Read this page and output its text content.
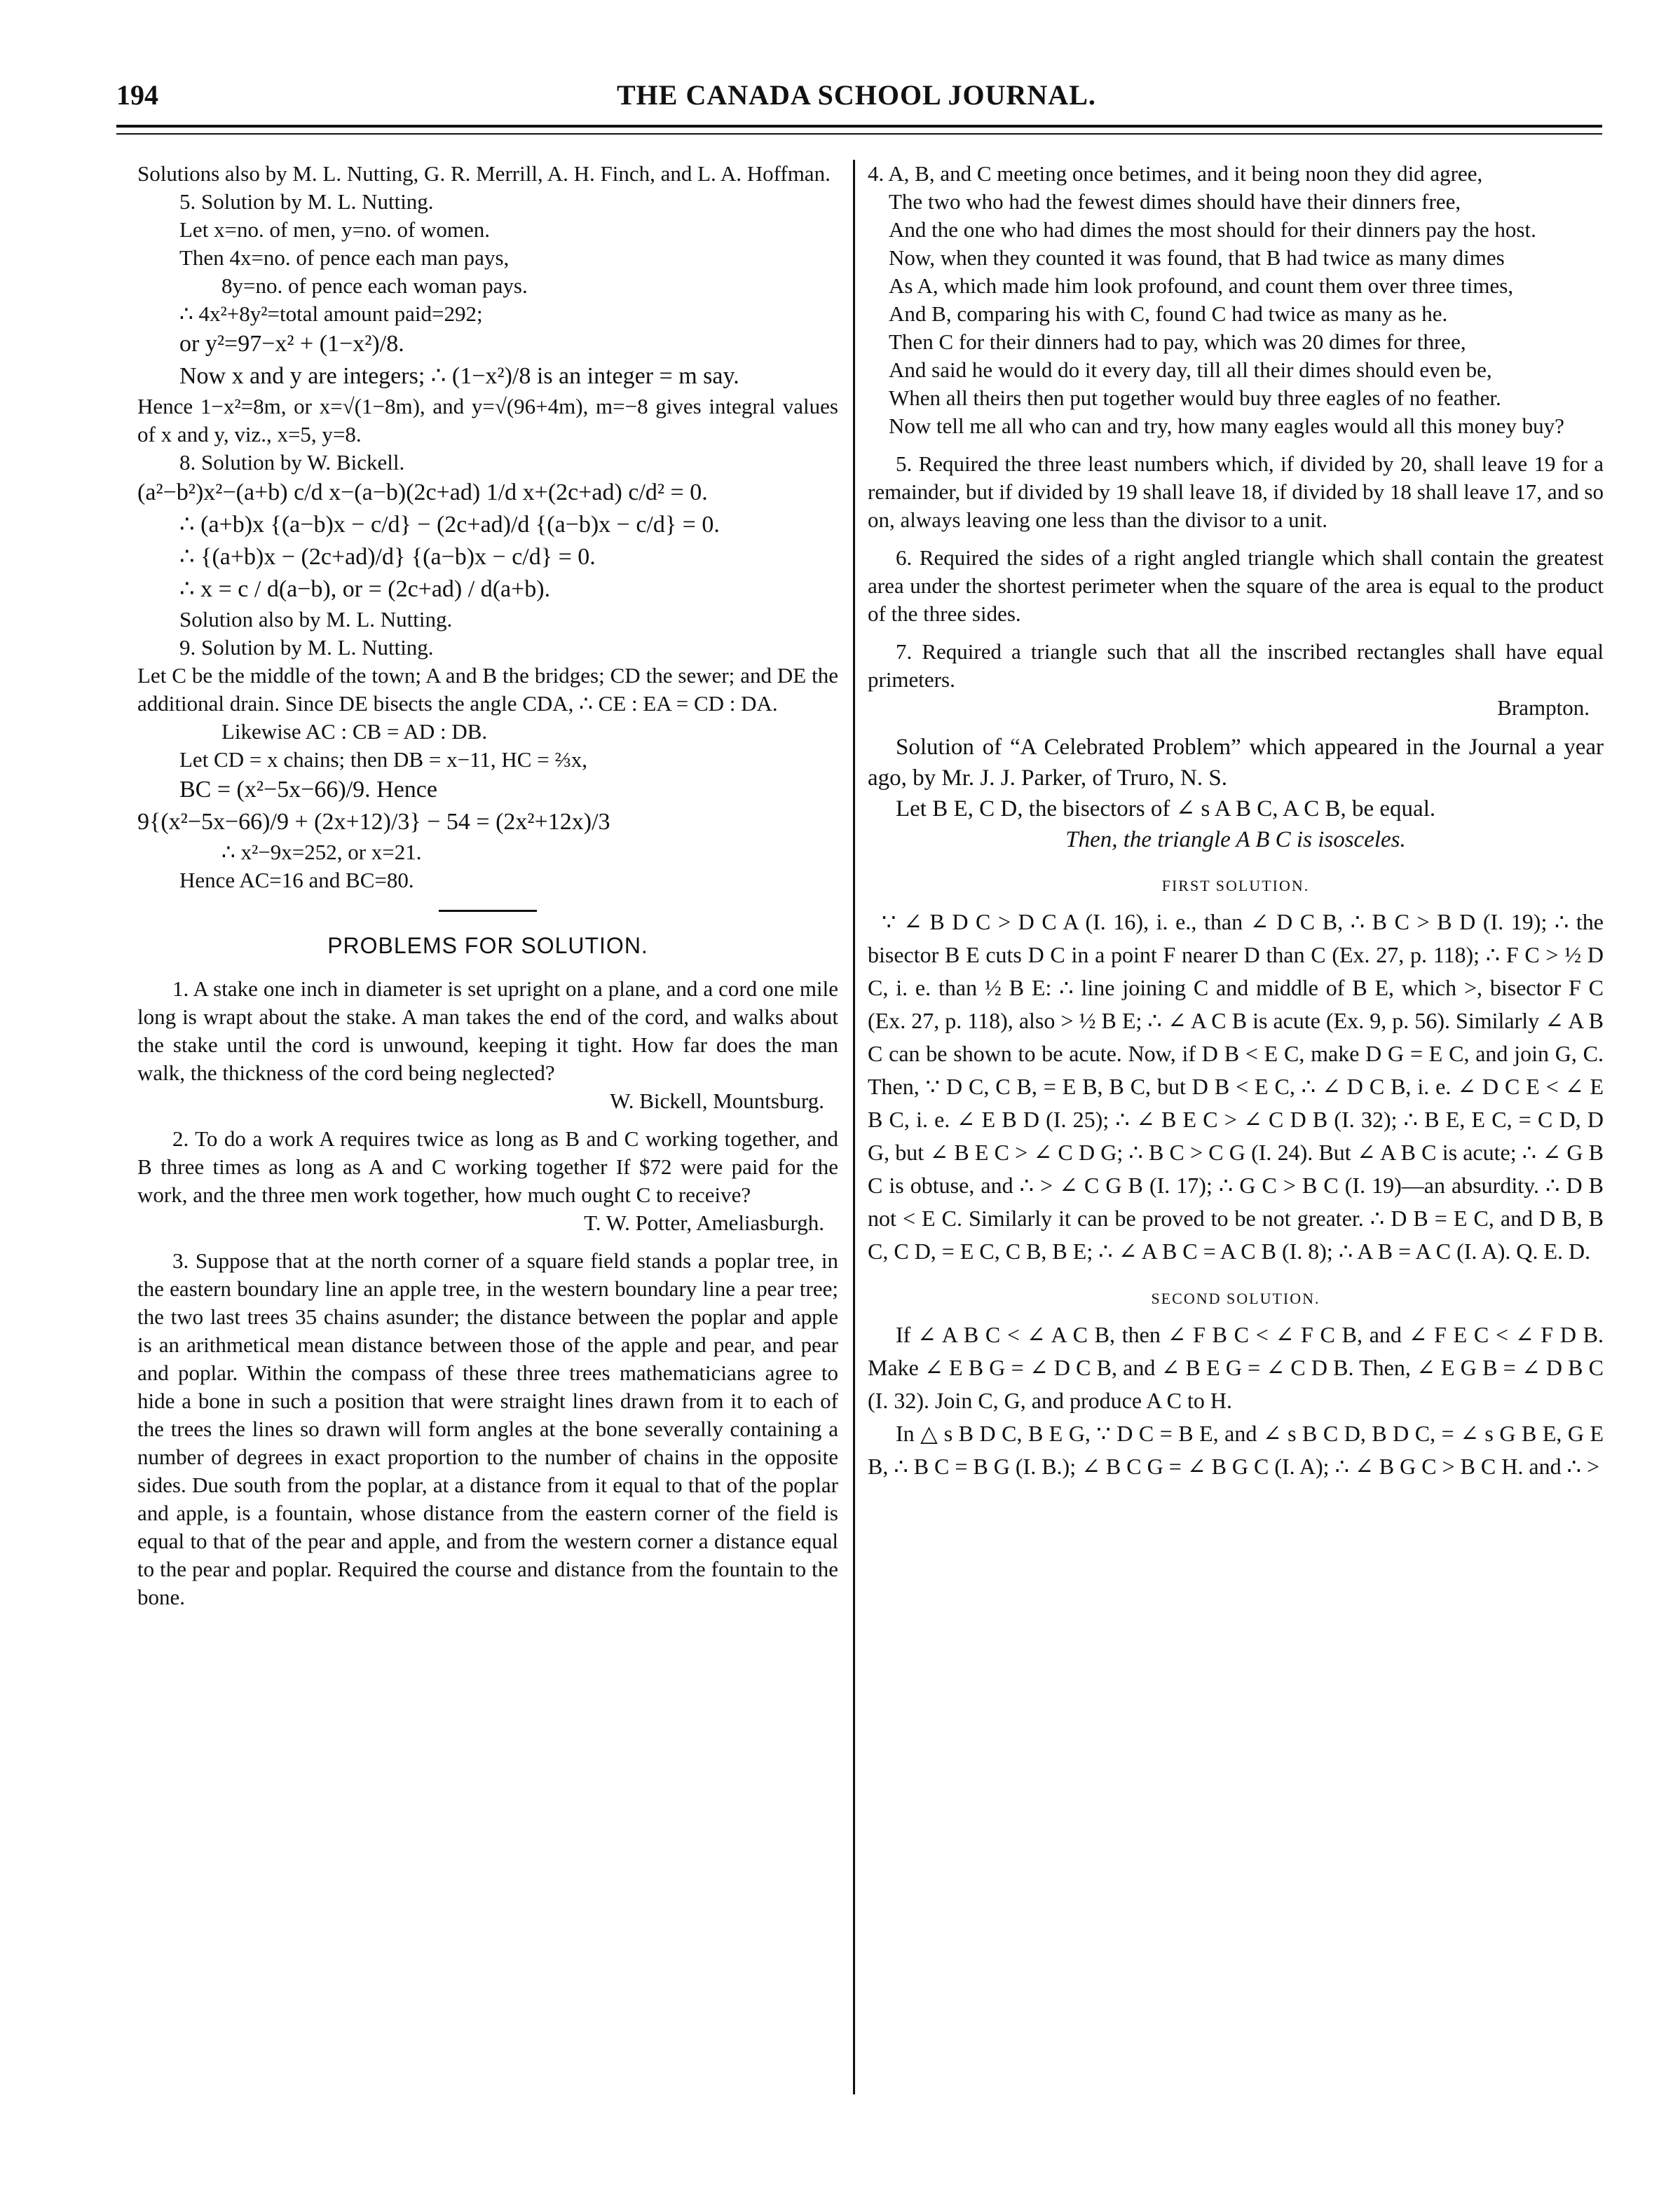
194	THE CANADA SCHOOL JOURNAL.

Solutions also by M. L. Nutting, G. R. Merrill, A. H. Finch, and L. A. Hoffman.

5. Solution by M. L. Nutting.

Let x=no. of men, y=no. of women.

Then 4x=no. of pence each man pays,

8y=no. of pence each woman pays.

∴ 4x²+8y²=total amount paid=292;

or y²=97−x² + (1−x²)/8.

Now x and y are integers; ∴ (1−x²)/8 is an integer = m say.

Hence 1−x²=8m, or x=√(1−8m), and y=√(96+4m), m=−8 gives integral values of x and y, viz., x=5, y=8.

8. Solution by W. Bickell.

(a²−b²)x²−(a+b) c/d x−(a−b)(2c+ad) 1/d x+(2c+ad) c/d² = 0.

∴ (a+b)x {(a−b)x − c/d} − (2c+ad)/d {(a−b)x − c/d} = 0.

∴ {(a+b)x − (2c+ad)/d} {(a−b)x − c/d} = 0.

∴ x = c / d(a−b), or = (2c+ad) / d(a+b).

Solution also by M. L. Nutting.

9. Solution by M. L. Nutting.

Let C be the middle of the town; A and B the bridges; CD the sewer; and DE the additional drain. Since DE bisects the angle CDA, ∴ CE : EA = CD : DA.

Likewise AC : CB = AD : DB.

Let CD = x chains; then DB = x−11, HC = ⅔x,

BC = (x²−5x−66)/9. Hence

9{(x²−5x−66)/9 + (2x+12)/3} − 54 = (2x²+12x)/3

∴ x²−9x=252, or x=21.

Hence AC=16 and BC=80.

PROBLEMS FOR SOLUTION.

1. A stake one inch in diameter is set upright on a plane, and a cord one mile long is wrapt about the stake. A man takes the end of the cord, and walks about the stake until the cord is unwound, keeping it tight. How far does the man walk, the thickness of the cord being neglected?

W. Bickell, Mountsburg.

2. To do a work A requires twice as long as B and C working together, and B three times as long as A and C working together If $72 were paid for the work, and the three men work together, how much ought C to receive?

T. W. Potter, Ameliasburgh.

3. Suppose that at the north corner of a square field stands a poplar tree, in the eastern boundary line an apple tree, in the western boundary line a pear tree; the two last trees 35 chains asunder; the distance between the poplar and apple is an arithmetical mean distance between those of the apple and pear, and pear and poplar. Within the compass of these three trees mathematicians agree to hide a bone in such a position that were straight lines drawn from it to each of the trees the lines so drawn will form angles at the bone severally containing a number of degrees in exact proportion to the number of chains in the opposite sides. Due south from the poplar, at a distance from it equal to that of the poplar and apple, is a fountain, whose distance from the eastern corner of the field is equal to that of the pear and apple, and from the western corner a distance equal to the pear and poplar. Required the course and distance from the fountain to the bone.

4. A, B, and C meeting once betimes, and it being noon they did agree,

The two who had the fewest dimes should have their dinners free,

And the one who had dimes the most should for their dinners pay the host.

Now, when they counted it was found, that B had twice as many dimes

As A, which made him look profound, and count them over three times,

And B, comparing his with C, found C had twice as many as he.

Then C for their dinners had to pay, which was 20 dimes for three,

And said he would do it every day, till all their dimes should even be,

When all theirs then put together would buy three eagles of no feather.

Now tell me all who can and try, how many eagles would all this money buy?

5. Required the three least numbers which, if divided by 20, shall leave 19 for a remainder, but if divided by 19 shall leave 18, if divided by 18 shall leave 17, and so on, always leaving one less than the divisor to a unit.

6. Required the sides of a right angled triangle which shall contain the greatest area under the shortest perimeter when the square of the area is equal to the product of the three sides.

7. Required a triangle such that all the inscribed rectangles shall have equal primeters.

Brampton.

Solution of “A Celebrated Problem” which appeared in the Journal a year ago, by Mr. J. J. Parker, of Truro, N. S.

Let B E, C D, the bisectors of ∠ s A B C, A C B, be equal.

Then, the triangle A B C is isosceles.

FIRST SOLUTION.

∵ ∠ B D C > D C A (I. 16), i. e., than ∠ D C B, ∴ B C > B D (I. 19); ∴ the bisector B E cuts D C in a point F nearer D than C (Ex. 27, p. 118); ∴ F C > ½ D C, i. e. than ½ B E: ∴ line joining C and middle of B E, which >, bisector F C (Ex. 27, p. 118), also > ½ B E; ∴ ∠ A C B is acute (Ex. 9, p. 56). Similarly ∠ A B C can be shown to be acute. Now, if D B < E C, make D G = E C, and join G, C. Then, ∵ D C, C B, = E B, B C, but D B < E C, ∴ ∠ D C B, i. e. ∠ D C E < ∠ E B C, i. e. ∠ E B D (I. 25); ∴ ∠ B E C > ∠ C D B (I. 32); ∴ B E, E C, = C D, D G, but ∠ B E C > ∠ C D G; ∴ B C > C G (I. 24). But ∠ A B C is acute; ∴ ∠ G B C is obtuse, and ∴ > ∠ C G B (I. 17); ∴ G C > B C (I. 19)—an absurdity. ∴ D B not < E C. Similarly it can be proved to be not greater. ∴ D B = E C, and D B, B C, C D, = E C, C B, B E; ∴ ∠ A B C = A C B (I. 8); ∴ A B = A C (I. A). Q. E. D.

SECOND SOLUTION.

If ∠ A B C < ∠ A C B, then ∠ F B C < ∠ F C B, and ∠ F E C < ∠ F D B. Make ∠ E B G = ∠ D C B, and ∠ B E G = ∠ C D B. Then, ∠ E G B = ∠ D B C (I. 32). Join C, G, and produce A C to H.

In △ s B D C, B E G, ∵ D C = B E, and ∠ s B C D, B D C, = ∠ s G B E, G E B, ∴ B C = B G (I. B.); ∠ B C G = ∠ B G C (I. A); ∴ ∠ B G C > B C H. and ∴ >
